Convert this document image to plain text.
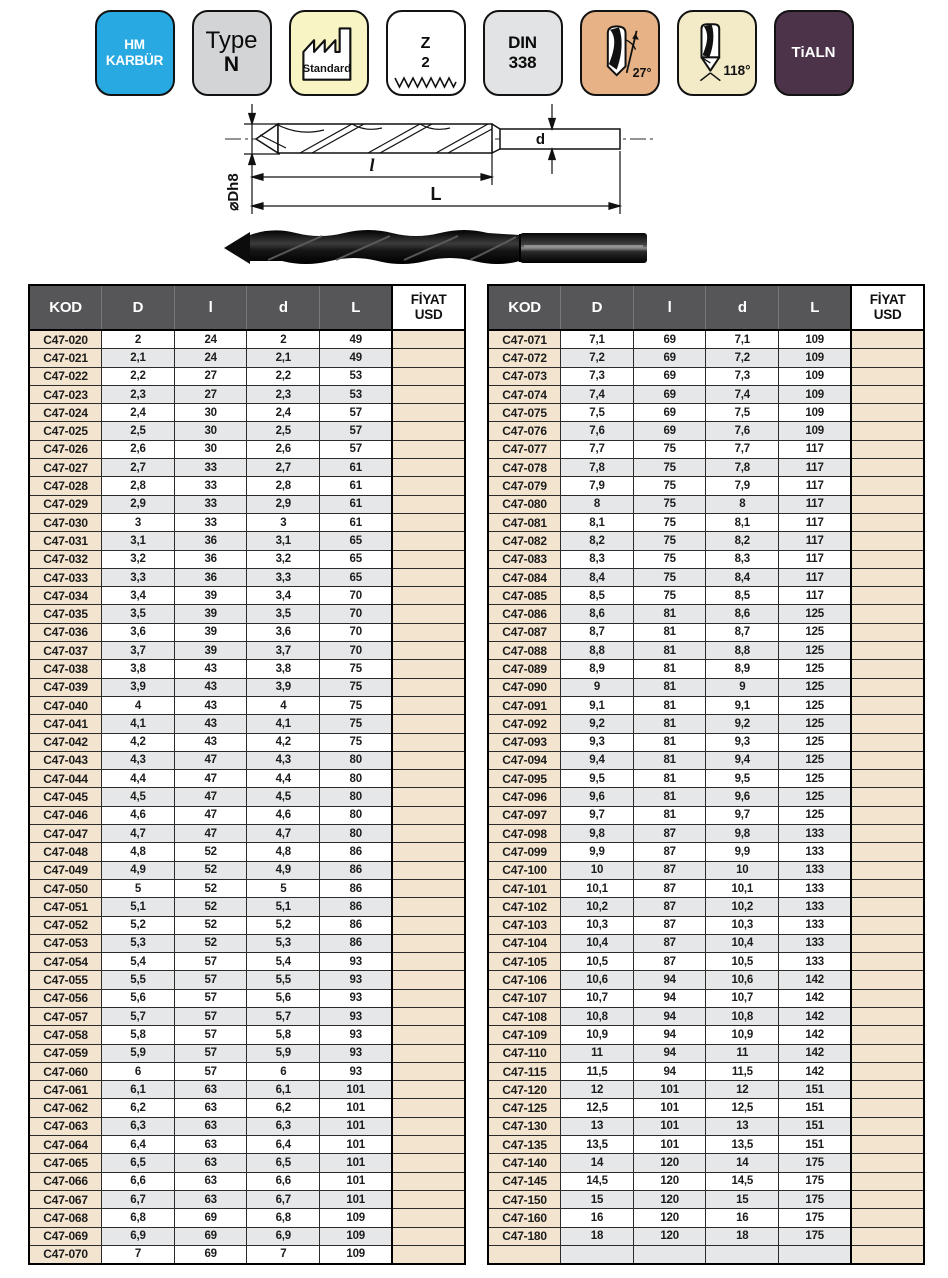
HM
KARBÜR
Type
N	Standard
Z
2
DIN
338
27°	118°
TiALN
⌀Dh8
l
L
d
KOD	D	l	d	L	FİYAT
USD

C47-020	2	24	2	49	
C47-021	2,1	24	2,1	49	
C47-022	2,2	27	2,2	53	
C47-023	2,3	27	2,3	53	
C47-024	2,4	30	2,4	57	
C47-025	2,5	30	2,5	57	
C47-026	2,6	30	2,6	57	
C47-027	2,7	33	2,7	61	
C47-028	2,8	33	2,8	61	
C47-029	2,9	33	2,9	61	
C47-030	3	33	3	61	
C47-031	3,1	36	3,1	65	
C47-032	3,2	36	3,2	65	
C47-033	3,3	36	3,3	65	
C47-034	3,4	39	3,4	70	
C47-035	3,5	39	3,5	70	
C47-036	3,6	39	3,6	70	
C47-037	3,7	39	3,7	70	
C47-038	3,8	43	3,8	75	
C47-039	3,9	43	3,9	75	
C47-040	4	43	4	75	
C47-041	4,1	43	4,1	75	
C47-042	4,2	43	4,2	75	
C47-043	4,3	47	4,3	80	
C47-044	4,4	47	4,4	80	
C47-045	4,5	47	4,5	80	
C47-046	4,6	47	4,6	80	
C47-047	4,7	47	4,7	80	
C47-048	4,8	52	4,8	86	
C47-049	4,9	52	4,9	86	
C47-050	5	52	5	86	
C47-051	5,1	52	5,1	86	
C47-052	5,2	52	5,2	86	
C47-053	5,3	52	5,3	86	
C47-054	5,4	57	5,4	93	
C47-055	5,5	57	5,5	93	
C47-056	5,6	57	5,6	93	
C47-057	5,7	57	5,7	93	
C47-058	5,8	57	5,8	93	
C47-059	5,9	57	5,9	93	
C47-060	6	57	6	93	
C47-061	6,1	63	6,1	101	
C47-062	6,2	63	6,2	101	
C47-063	6,3	63	6,3	101	
C47-064	6,4	63	6,4	101	
C47-065	6,5	63	6,5	101	
C47-066	6,6	63	6,6	101	
C47-067	6,7	63	6,7	101	
C47-068	6,8	69	6,8	109	
C47-069	6,9	69	6,9	109	
C47-070	7	69	7	109	
KOD	D	l	d	L	FİYAT
USD

C47-071	7,1	69	7,1	109	
C47-072	7,2	69	7,2	109	
C47-073	7,3	69	7,3	109	
C47-074	7,4	69	7,4	109	
C47-075	7,5	69	7,5	109	
C47-076	7,6	69	7,6	109	
C47-077	7,7	75	7,7	117	
C47-078	7,8	75	7,8	117	
C47-079	7,9	75	7,9	117	
C47-080	8	75	8	117	
C47-081	8,1	75	8,1	117	
C47-082	8,2	75	8,2	117	
C47-083	8,3	75	8,3	117	
C47-084	8,4	75	8,4	117	
C47-085	8,5	75	8,5	117	
C47-086	8,6	81	8,6	125	
C47-087	8,7	81	8,7	125	
C47-088	8,8	81	8,8	125	
C47-089	8,9	81	8,9	125	
C47-090	9	81	9	125	
C47-091	9,1	81	9,1	125	
C47-092	9,2	81	9,2	125	
C47-093	9,3	81	9,3	125	
C47-094	9,4	81	9,4	125	
C47-095	9,5	81	9,5	125	
C47-096	9,6	81	9,6	125	
C47-097	9,7	81	9,7	125	
C47-098	9,8	87	9,8	133	
C47-099	9,9	87	9,9	133	
C47-100	10	87	10	133	
C47-101	10,1	87	10,1	133	
C47-102	10,2	87	10,2	133	
C47-103	10,3	87	10,3	133	
C47-104	10,4	87	10,4	133	
C47-105	10,5	87	10,5	133	
C47-106	10,6	94	10,6	142	
C47-107	10,7	94	10,7	142	
C47-108	10,8	94	10,8	142	
C47-109	10,9	94	10,9	142	
C47-110	11	94	11	142	
C47-115	11,5	94	11,5	142	
C47-120	12	101	12	151	
C47-125	12,5	101	12,5	151	
C47-130	13	101	13	151	
C47-135	13,5	101	13,5	151	
C47-140	14	120	14	175	
C47-145	14,5	120	14,5	175	
C47-150	15	120	15	175	
C47-160	16	120	16	175	
C47-180	18	120	18	175	
